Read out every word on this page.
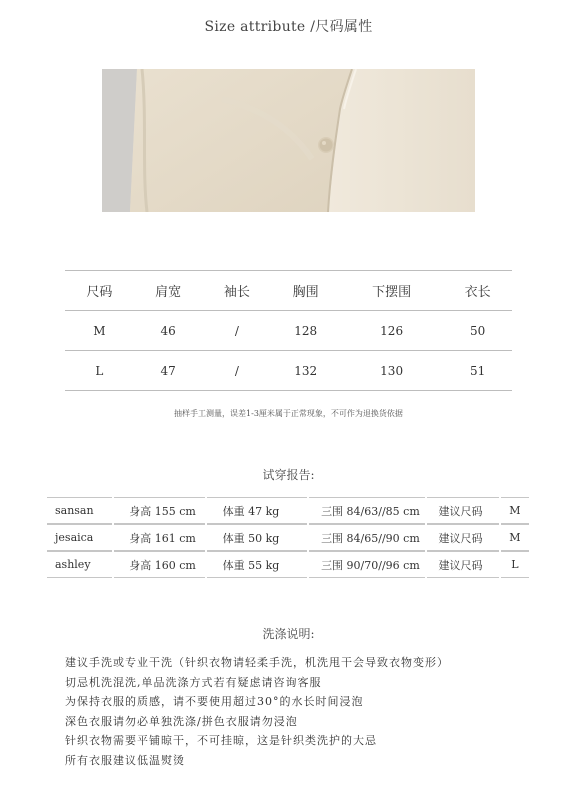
Size attribute /尺码属性
尺码	肩宽	袖长	胸围	下摆围	衣长
M	46	/	128	126	50
L	47	/	132	130	51
抽样手工测量，误差1-3厘米属于正常现象，不可作为退换货依据
试穿报告:
sansan	身高 155 cm	体重 47 kg	三围 84/63//85 cm	建议尺码	M
jesaica	身高 161 cm	体重 50 kg	三围 84/65//90 cm	建议尺码	M
ashley	身高 160 cm	体重 55 kg	三围 90/70//96 cm	建议尺码	L
洗涤说明:
建议手洗或专业干洗（针织衣物请轻柔手洗，机洗甩干会导致衣物变形）
切忌机洗混洗,单品洗涤方式若有疑虑请咨询客服
为保持衣服的质感，请不要使用超过30°的水长时间浸泡
深色衣服请勿必单独洗涤/拼色衣服请勿浸泡
针织衣物需要平铺晾干，不可挂晾，这是针织类洗护的大忌
所有衣服建议低温熨烫
